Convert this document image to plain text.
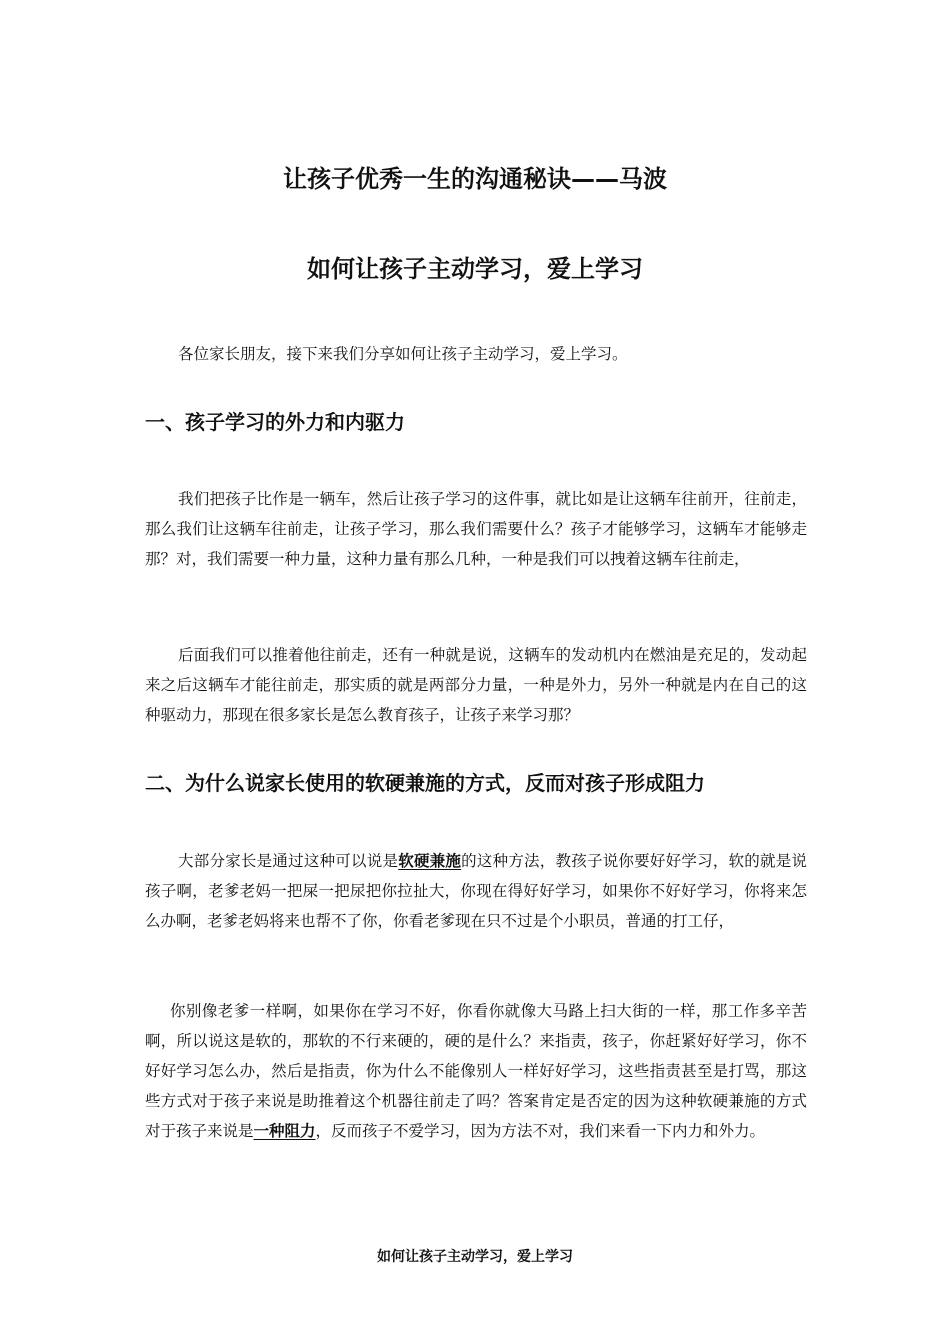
让孩子优秀一生的沟通秘诀——马波
如何让孩子主动学习，爱上学习

各位家长朋友，接下来我们分享如何让孩子主动学习，爱上学习。

一、孩子学习的外力和内驱力

我们把孩子比作是一辆车，然后让孩子学习的这件事，就比如是让这辆车往前开，往前走，那么我们让这辆车往前走，让孩子学习，那么我们需要什么？孩子才能够学习，这辆车才能够走那？对，我们需要一种力量，这种力量有那么几种，一种是我们可以拽着这辆车往前走，

后面我们可以推着他往前走，还有一种就是说，这辆车的发动机内在燃油是充足的，发动起来之后这辆车才能往前走，那实质的就是两部分力量，一种是外力，另外一种就是内在自己的这种驱动力，那现在很多家长是怎么教育孩子，让孩子来学习那？

二、为什么说家长使用的软硬兼施的方式，反而对孩子形成阻力

大部分家长是通过这种可以说是软硬兼施的这种方法，教孩子说你要好好学习，软的就是说孩子啊，老爹老妈一把屎一把尿把你拉扯大，你现在得好好学习，如果你不好好学习，你将来怎么办啊，老爹老妈将来也帮不了你，你看老爹现在只不过是个小职员，普通的打工仔，

你别像老爹一样啊，如果你在学习不好，你看你就像大马路上扫大街的一样，那工作多辛苦啊，所以说这是软的，那软的不行来硬的，硬的是什么？来指责，孩子，你赶紧好好学习，你不好好学习怎么办，然后是指责，你为什么不能像别人一样好好学习，这些指责甚至是打骂，那这些方式对于孩子来说是助推着这个机器往前走了吗？答案肯定是否定的因为这种软硬兼施的方式对于孩子来说是一种阻力，反而孩子不爱学习，因为方法不对，我们来看一下内力和外力。

如何让孩子主动学习，爱上学习
